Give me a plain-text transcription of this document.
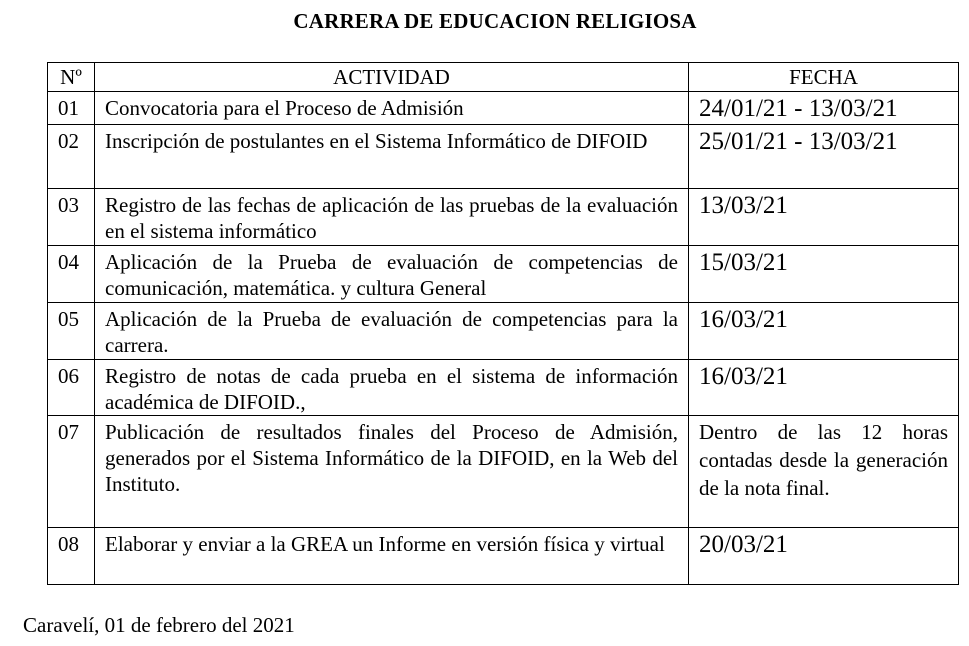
CARRERA DE EDUCACION RELIGIOSA
Nº	ACTIVIDAD	FECHA
01	Convocatoria para el Proceso de Admisión	24/01/21 - 13/03/21
02	Inscripción de postulantes en el Sistema Informático de DIFOID	25/01/21 - 13/03/21
03	Registro de las fechas de aplicación de las pruebas de la evaluación en el sistema informático	13/03/21
04	Aplicación de la Prueba de evaluación de competencias de comunicación, matemática. y cultura General	15/03/21
05	Aplicación de la Prueba de evaluación de competencias para la carrera.	16/03/21
06	Registro de notas de cada prueba en el sistema de información académica de DIFOID.,	16/03/21
07	Publicación de resultados finales del Proceso de Admisión, generados por el Sistema Informático de la DIFOID, en la Web del Instituto.	Dentro de las 12 horas contadas desde la generación de la nota final.
08	Elaborar y enviar a la GREA un Informe en versión física y virtual	20/03/21
Caravelí, 01 de febrero del 2021
